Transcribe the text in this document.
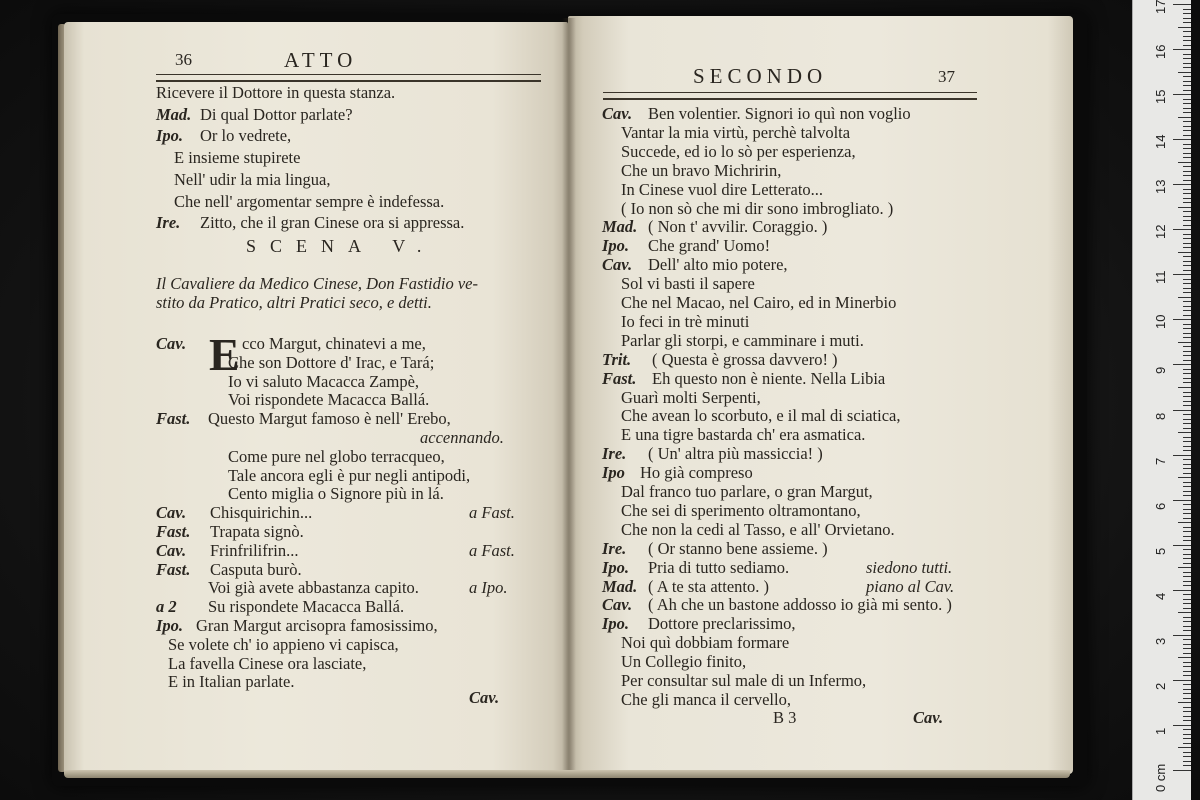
36	ATTO
Ricevere il Dottore in questa stanza.
Mad. Di qual Dottor parlate?
Ipo. Or lo vedrete,
E insieme stupirete
Nell' udir la mia lingua,
Che nell' argomentar sempre è indefessa.
Ire. Zitto, che il gran Cinese ora si appressa.
SCENA V.
Il Cavaliere da Medico Cinese, Don Fastidio ve-
stito da Pratico, altri Pratici seco, e detti.
E
Cav.	cco Margut, chinatevi a me,
Che son Dottore d' Irac, e Tará;
Io vi saluto Macacca Zampè,
Voi rispondete Macacca Ballá.
Fast. Questo Margut famoso è nell' Erebo,
accennando.
Come pure nel globo terracqueo,
Tale ancora egli è pur negli antipodi,
Cento miglia o Signore più in lá.
Cav. Chisquirichin...	a Fast.
Fast. Trapata signò.
Cav. Frinfrilifrin...	a Fast.
Fast. Casputa burò.
Voi già avete abbastanza capito.	a Ipo.
a 2 Su rispondete Macacca Ballá.
Ipo. Gran Margut arcisopra famosissimo,
Se volete ch' io appieno vi capisca,
La favella Cinese ora lasciate,
E in Italian parlate.
Cav.
SECONDO	37
Cav. Ben volentier. Signori io quì non voglio
Vantar la mia virtù, perchè talvolta
Succede, ed io lo sò per esperienza,
Che un bravo Michririn,
In Cinese vuol dire Letterato...
( Io non sò che mi dir sono imbrogliato. )
Mad. ( Non t' avvilir. Coraggio. )
Ipo. Che grand' Uomo!
Cav. Dell' alto mio potere,
Sol vi basti il sapere
Che nel Macao, nel Cairo, ed in Minerbio
Io feci in trè minuti
Parlar gli storpi, e camminare i muti.
Trit. ( Questa è grossa davvero! )
Fast. Eh questo non è niente. Nella Libia
Guarì molti Serpenti,
Che avean lo scorbuto, e il mal di sciatica,
E una tigre bastarda ch' era asmatica.
Ire. ( Un' altra più massiccia! )
Ipo Ho già compreso
Dal franco tuo parlare, o gran Margut,
Che sei di sperimento oltramontano,
Che non la cedi al Tasso, e all' Orvietano.
Ire. ( Or stanno bene assieme. )
Ipo. Pria di tutto sediamo.	siedono tutti.
Mad. ( A te sta attento. )	piano al Cav.
Cav. ( Ah che un bastone addosso io già mi sento. )
Ipo. Dottore preclarissimo,
Noi quì dobbiam formare
Un Collegio finito,
Per consultar sul male di un Infermo,
Che gli manca il cervello,
B 3	Cav.
1
2
3
4
5
6
7
8
9
10
11
12
13
14
15
16
17
0 cm
